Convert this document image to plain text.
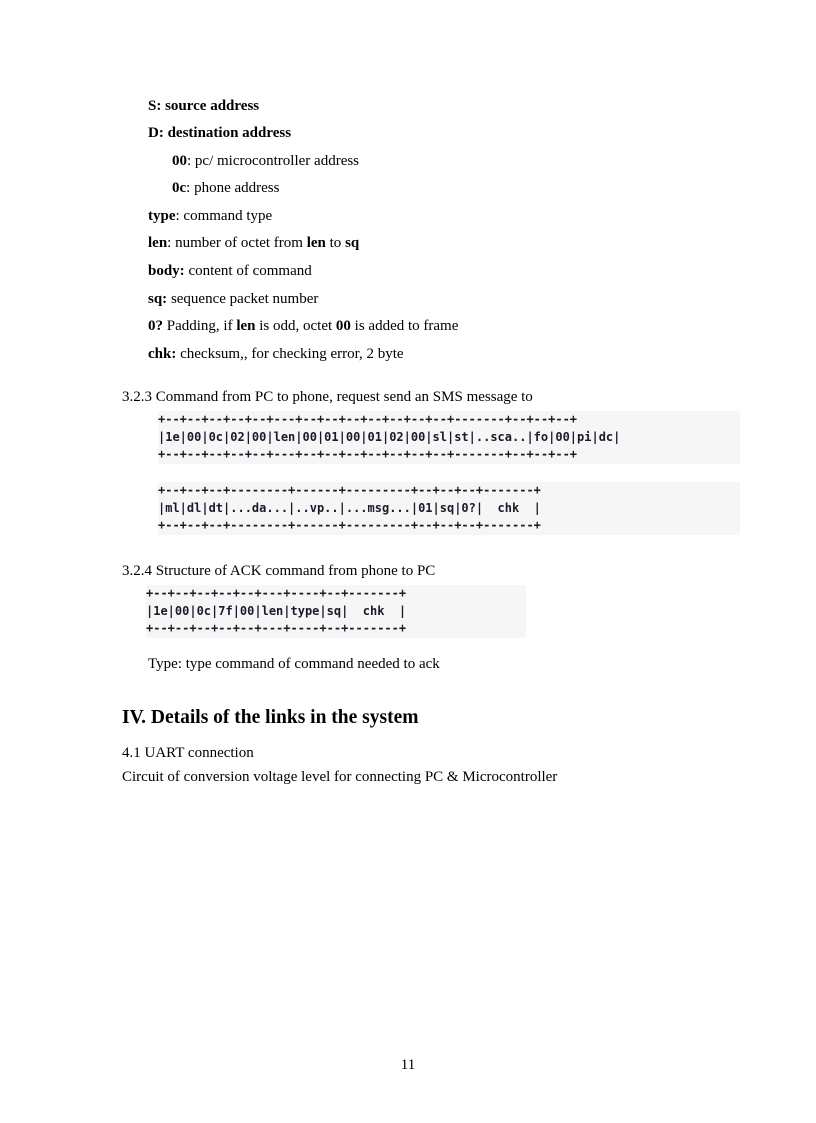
S: source address
D: destination address
00: pc/ microcontroller address
0c: phone address
type: command type
len: number of octet from len to sq
body: content of command
sq: sequence packet number
0? Padding, if len is odd, octet 00 is added to frame
chk: checksum,, for checking error, 2 byte
3.2.3 Command from PC to phone, request send an SMS message to
+--+--+--+--+--+---+--+--+--+--+--+--+--+-------+--+--+--+
|1e|00|0c|02|00|len|00|01|00|01|02|00|sl|st|..sca..|fo|00|pi|dc|
+--+--+--+--+--+---+--+--+--+--+--+--+--+-------+--+--+--+
+--+--+--+--------+------+---------+--+--+--+-------+
|ml|dl|dt|...da...|..vp..|...msg...|01|sq|0?|  chk  |
+--+--+--+--------+------+---------+--+--+--+-------+
3.2.4 Structure of ACK command from phone to PC
+--+--+--+--+--+---+----+--+-------+
|1e|00|0c|7f|00|len|type|sq|  chk  |
+--+--+--+--+--+---+----+--+-------+
Type: type command of command needed to ack
IV. Details of the links in the system
4.1 UART connection
Circuit of conversion voltage level for connecting PC & Microcontroller
11
